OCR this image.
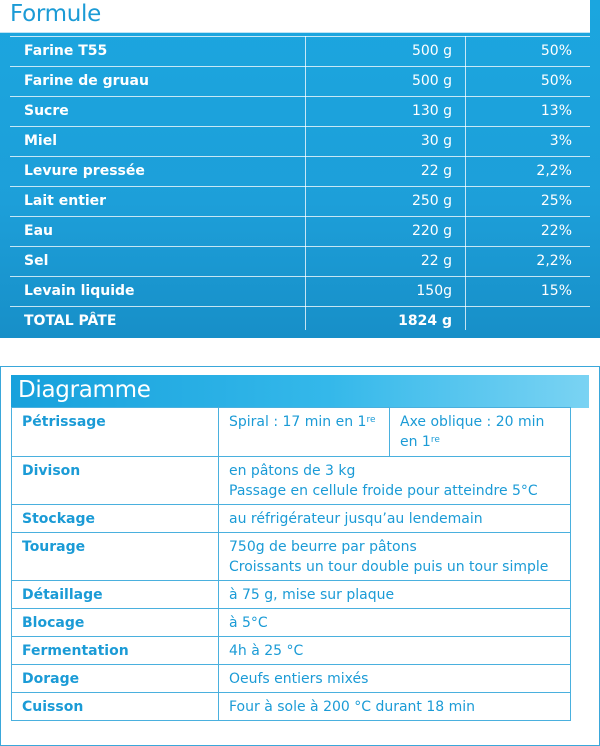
Formule
Farine T55	500 g	50%
Farine de gruau	500 g	50%
Sucre	130 g	13%
Miel	30 g	3%
Levure pressée	22 g	2,2%
Lait entier	250 g	25%
Eau	220 g	22%
Sel	22 g	2,2%
Levain liquide	150g	15%
TOTAL PÂTE	1824 g
Diagramme
Pétrissage	Spiral : 17 min en 1re	Axe oblique : 20 min
en 1re
Divison	en pâtons de 3 kg
Passage en cellule froide pour atteindre 5°C	
Stockage	au réfrigérateur jusqu’au lendemain	
Tourage	750g de beurre par pâtons
Croissants un tour double puis un tour simple	
Détaillage	à 75 g, mise sur plaque	
Blocage	à 5°C	
Fermentation	4h à 25 °C	
Dorage	Oeufs entiers mixés	
Cuisson	Four à sole à 200 °C durant 18 min	
